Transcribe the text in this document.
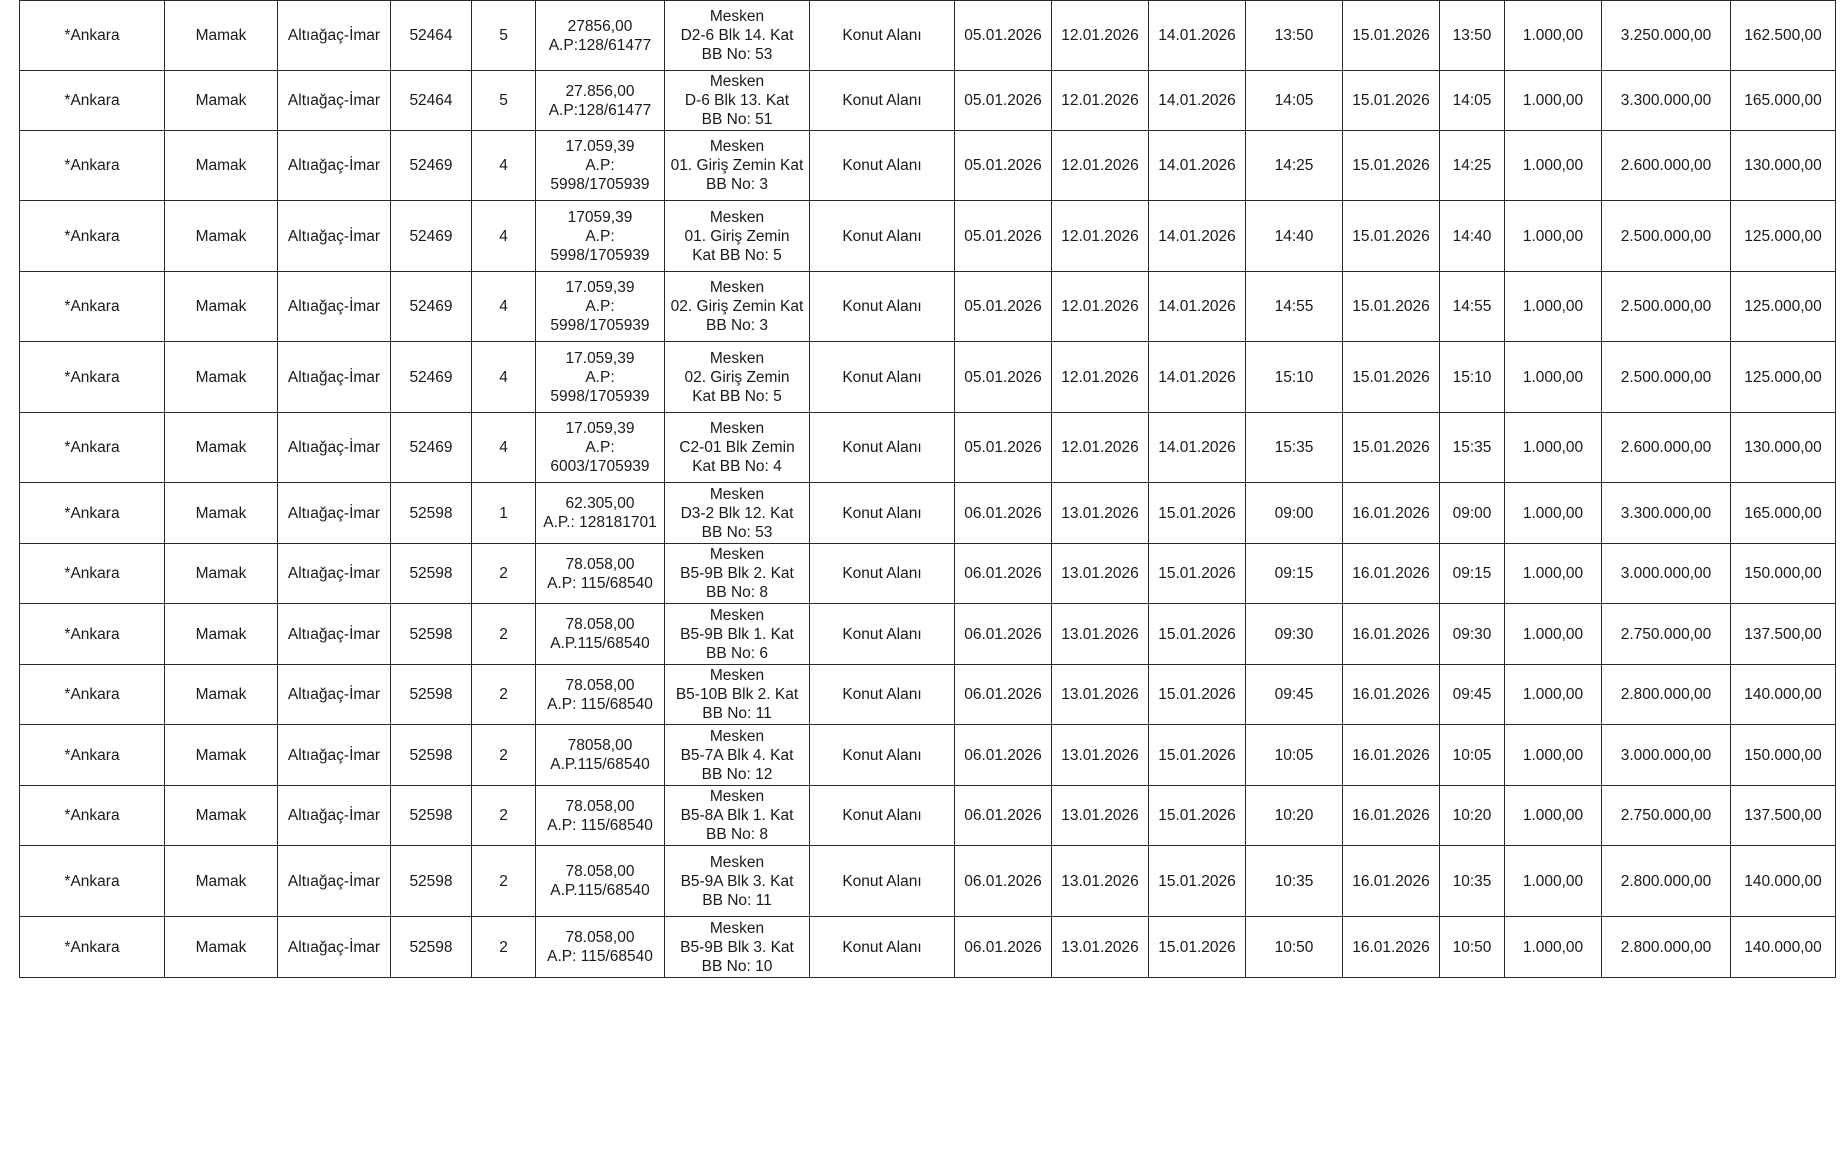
*Ankara	Mamak	Altıağaç-İmar	52464	5	27856,00
A.P:128/61477	Mesken
D2-6 Blk 14. Kat
BB No: 53	Konut Alanı	05.01.2026	12.01.2026	14.01.2026	13:50	15.01.2026	13:50	1.000,00	3.250.000,00	162.500,00
*Ankara	Mamak	Altıağaç-İmar	52464	5	27.856,00
A.P:128/61477	Mesken
D-6 Blk 13. Kat
BB No: 51	Konut Alanı	05.01.2026	12.01.2026	14.01.2026	14:05	15.01.2026	14:05	1.000,00	3.300.000,00	165.000,00
*Ankara	Mamak	Altıağaç-İmar	52469	4	17.059,39
A.P:
5998/1705939	Mesken
01. Giriş Zemin Kat
BB No: 3	Konut Alanı	05.01.2026	12.01.2026	14.01.2026	14:25	15.01.2026	14:25	1.000,00	2.600.000,00	130.000,00
*Ankara	Mamak	Altıağaç-İmar	52469	4	17059,39
A.P:
5998/1705939	Mesken
01. Giriş Zemin
Kat BB No: 5	Konut Alanı	05.01.2026	12.01.2026	14.01.2026	14:40	15.01.2026	14:40	1.000,00	2.500.000,00	125.000,00
*Ankara	Mamak	Altıağaç-İmar	52469	4	17.059,39
A.P:
5998/1705939	Mesken
02. Giriş Zemin Kat
BB No: 3	Konut Alanı	05.01.2026	12.01.2026	14.01.2026	14:55	15.01.2026	14:55	1.000,00	2.500.000,00	125.000,00
*Ankara	Mamak	Altıağaç-İmar	52469	4	17.059,39
A.P:
5998/1705939	Mesken
02. Giriş Zemin
Kat BB No: 5	Konut Alanı	05.01.2026	12.01.2026	14.01.2026	15:10	15.01.2026	15:10	1.000,00	2.500.000,00	125.000,00
*Ankara	Mamak	Altıağaç-İmar	52469	4	17.059,39
A.P:
6003/1705939	Mesken
C2-01 Blk Zemin
Kat BB No: 4	Konut Alanı	05.01.2026	12.01.2026	14.01.2026	15:35	15.01.2026	15:35	1.000,00	2.600.000,00	130.000,00
*Ankara	Mamak	Altıağaç-İmar	52598	1	62.305,00
A.P.: 128181701	Mesken
D3-2 Blk 12. Kat
BB No: 53	Konut Alanı	06.01.2026	13.01.2026	15.01.2026	09:00	16.01.2026	09:00	1.000,00	3.300.000,00	165.000,00
*Ankara	Mamak	Altıağaç-İmar	52598	2	78.058,00
A.P: 115/68540	Mesken
B5-9B Blk 2. Kat
BB No: 8	Konut Alanı	06.01.2026	13.01.2026	15.01.2026	09:15	16.01.2026	09:15	1.000,00	3.000.000,00	150.000,00
*Ankara	Mamak	Altıağaç-İmar	52598	2	78.058,00
A.P.115/68540	Mesken
B5-9B Blk 1. Kat
BB No: 6	Konut Alanı	06.01.2026	13.01.2026	15.01.2026	09:30	16.01.2026	09:30	1.000,00	2.750.000,00	137.500,00
*Ankara	Mamak	Altıağaç-İmar	52598	2	78.058,00
A.P: 115/68540	Mesken
B5-10B Blk 2. Kat
BB No: 11	Konut Alanı	06.01.2026	13.01.2026	15.01.2026	09:45	16.01.2026	09:45	1.000,00	2.800.000,00	140.000,00
*Ankara	Mamak	Altıağaç-İmar	52598	2	78058,00
A.P.115/68540	Mesken
B5-7A Blk 4. Kat
BB No: 12	Konut Alanı	06.01.2026	13.01.2026	15.01.2026	10:05	16.01.2026	10:05	1.000,00	3.000.000,00	150.000,00
*Ankara	Mamak	Altıağaç-İmar	52598	2	78.058,00
A.P: 115/68540	Mesken
B5-8A Blk 1. Kat
BB No: 8	Konut Alanı	06.01.2026	13.01.2026	15.01.2026	10:20	16.01.2026	10:20	1.000,00	2.750.000,00	137.500,00
*Ankara	Mamak	Altıağaç-İmar	52598	2	78.058,00
A.P.115/68540	Mesken
B5-9A Blk 3. Kat
BB No: 11	Konut Alanı	06.01.2026	13.01.2026	15.01.2026	10:35	16.01.2026	10:35	1.000,00	2.800.000,00	140.000,00
*Ankara	Mamak	Altıağaç-İmar	52598	2	78.058,00
A.P: 115/68540	Mesken
B5-9B Blk 3. Kat
BB No: 10	Konut Alanı	06.01.2026	13.01.2026	15.01.2026	10:50	16.01.2026	10:50	1.000,00	2.800.000,00	140.000,00
